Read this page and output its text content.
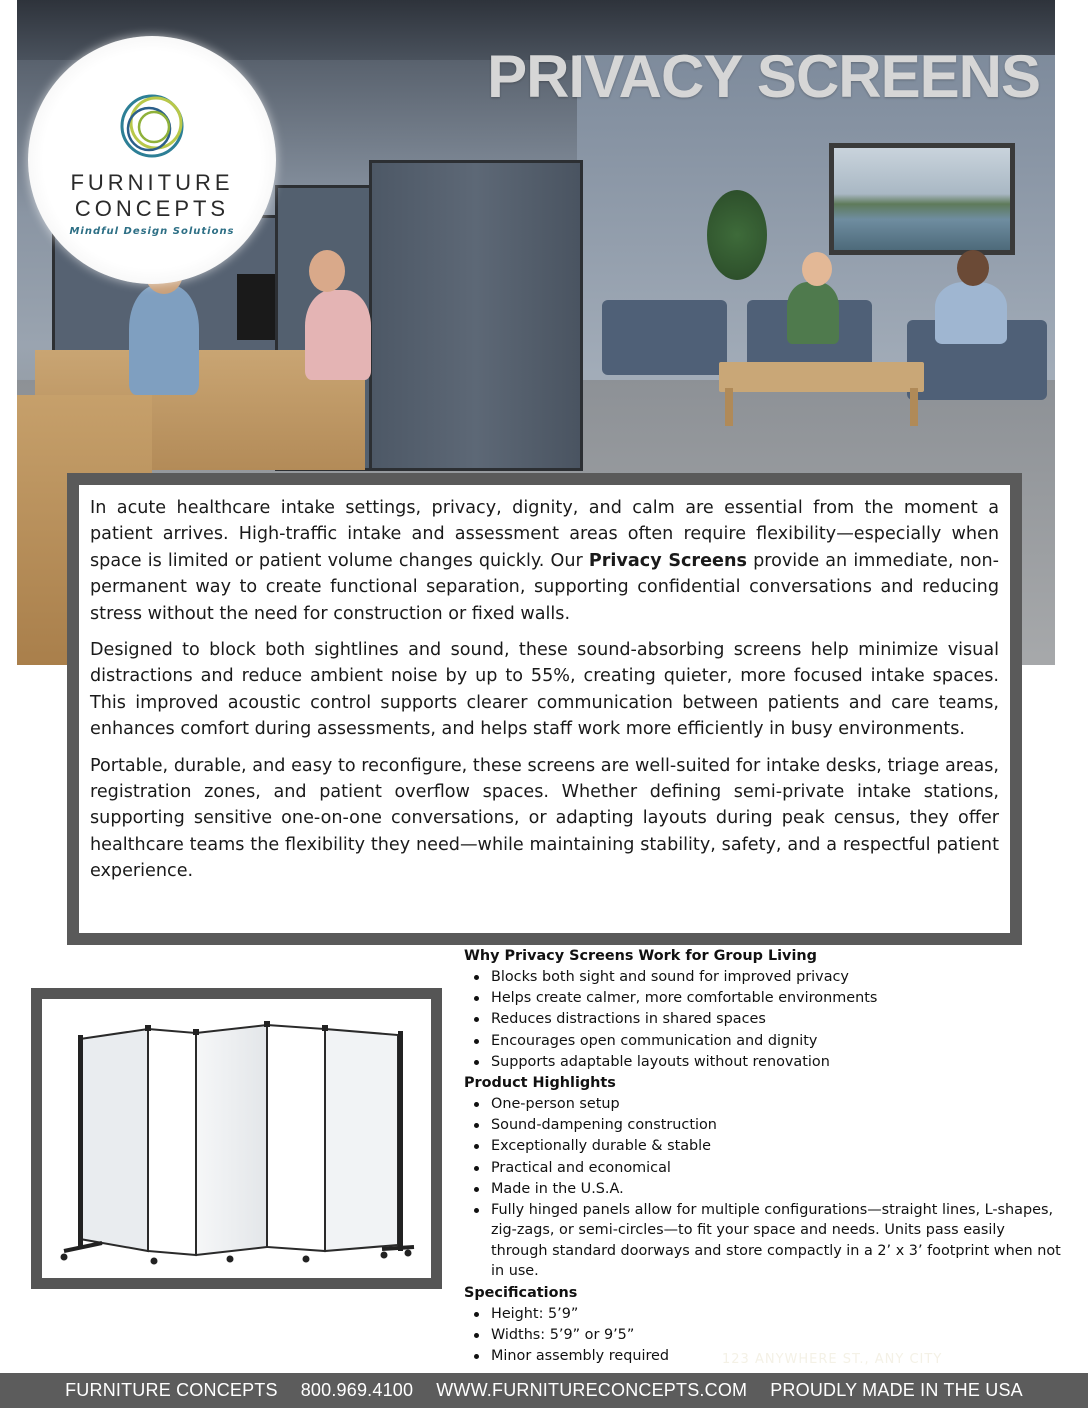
PRIVACY SCREENS
FURNITURE
CONCEPTS
Mindful Design Solutions

In acute healthcare intake settings, privacy, dignity, and calm are essential from the moment a patient arrives. High-traffic intake and assessment areas often require flexibility—especially when space is limited or patient volume changes quickly. Our Privacy Screens provide an immediate, non-permanent way to create functional separation, supporting confidential conversations and reducing stress without the need for construction or fixed walls.

Designed to block both sightlines and sound, these sound-absorbing screens help minimize visual distractions and reduce ambient noise by up to 55%, creating quieter, more focused intake spaces. This improved acoustic control supports clearer communication between patients and care teams, enhances comfort during assessments, and helps staff work more efficiently in busy environments.

Portable, durable, and easy to reconfigure, these screens are well-suited for intake desks, triage areas, registration zones, and patient overflow spaces. Whether defining semi-private intake stations, supporting sensitive one-on-one conversations, or adapting layouts during peak census, they offer healthcare teams the flexibility they need—while maintaining stability, safety, and a respectful patient experience.

Why Privacy Screens Work for Group Living
Blocks both sight and sound for improved privacy
Helps create calmer, more comfortable environments
Reduces distractions in shared spaces
Encourages open communication and dignity
Supports adaptable layouts without renovation
Product Highlights
One-person setup
Sound-dampening construction
Exceptionally durable & stable
Practical and economical
Made in the U.S.A.
Fully hinged panels allow for multiple configurations—straight lines, L-shapes, zig-zags, or semi-circles—to fit your space and needs. Units pass easily through standard doorways and store compactly in a 2’ x 3’ footprint when not in use.
Specifications
Height: 5’9”
Widths: 5’9” or 9’5”
Minor assembly required	123 ANYWHERE ST., ANY CITY
FURNITURE CONCEPTS 800.969.4100 WWW.FURNITURECONCEPTS.COM PROUDLY MADE IN THE USA
